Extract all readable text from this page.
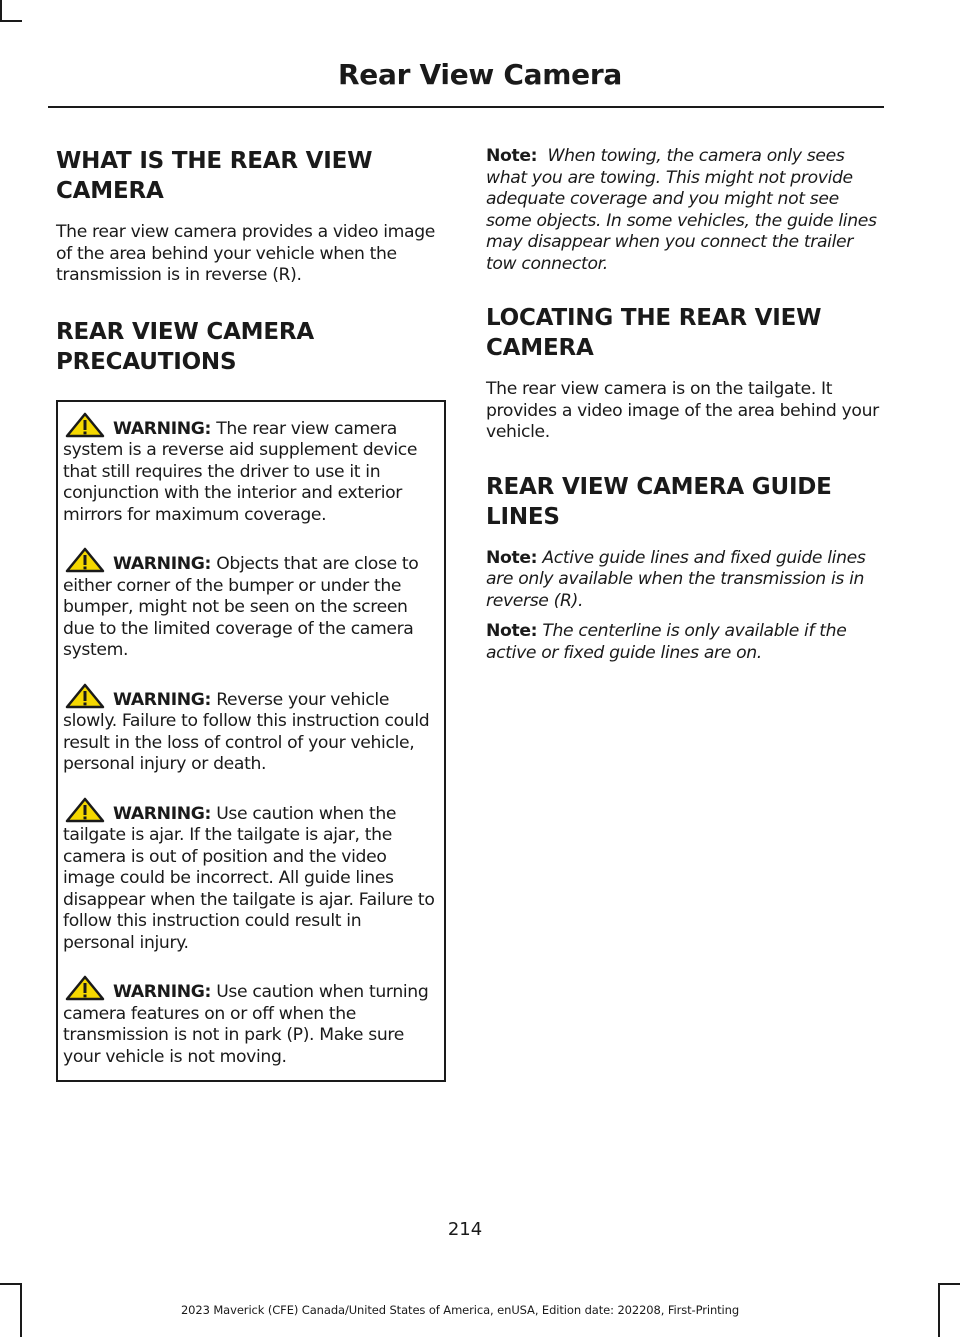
Rear View Camera
WHAT IS THE REAR VIEW
CAMERA

The rear view camera provides a video image of the area behind your vehicle when the transmission is in reverse (R).

REAR VIEW CAMERA
PRECAUTIONS

WARNING: The rear view camera system is a reverse aid supplement device that still requires the driver to use it in conjunction with the interior and exterior mirrors for maximum coverage.

WARNING: Objects that are close to either corner of the bumper or under the bumper, might not be seen on the screen due to the limited coverage of the camera system.

WARNING: Reverse your vehicle slowly. Failure to follow this instruction could result in the loss of control of your vehicle, personal injury or death.

WARNING: Use caution when the tailgate is ajar. If the tailgate is ajar, the camera is out of position and the video image could be incorrect. All guide lines disappear when the tailgate is ajar. Failure to follow this instruction could result in personal injury.

WARNING: Use caution when turning camera features on or off when the transmission is not in park (P). Make sure your vehicle is not moving.

Note: When towing, the camera only sees what you are towing. This might not provide adequate coverage and you might not see some objects. In some vehicles, the guide lines may disappear when you connect the trailer tow connector.

LOCATING THE REAR VIEW
CAMERA

The rear view camera is on the tailgate. It provides a video image of the area behind your vehicle.

REAR VIEW CAMERA GUIDE
LINES

Note: Active guide lines and fixed guide lines are only available when the transmission is in reverse (R).

Note: The centerline is only available if the active or fixed guide lines are on.

214
2023 Maverick (CFE) Canada/United States of America, enUSA, Edition date: 202208, First-Printing
